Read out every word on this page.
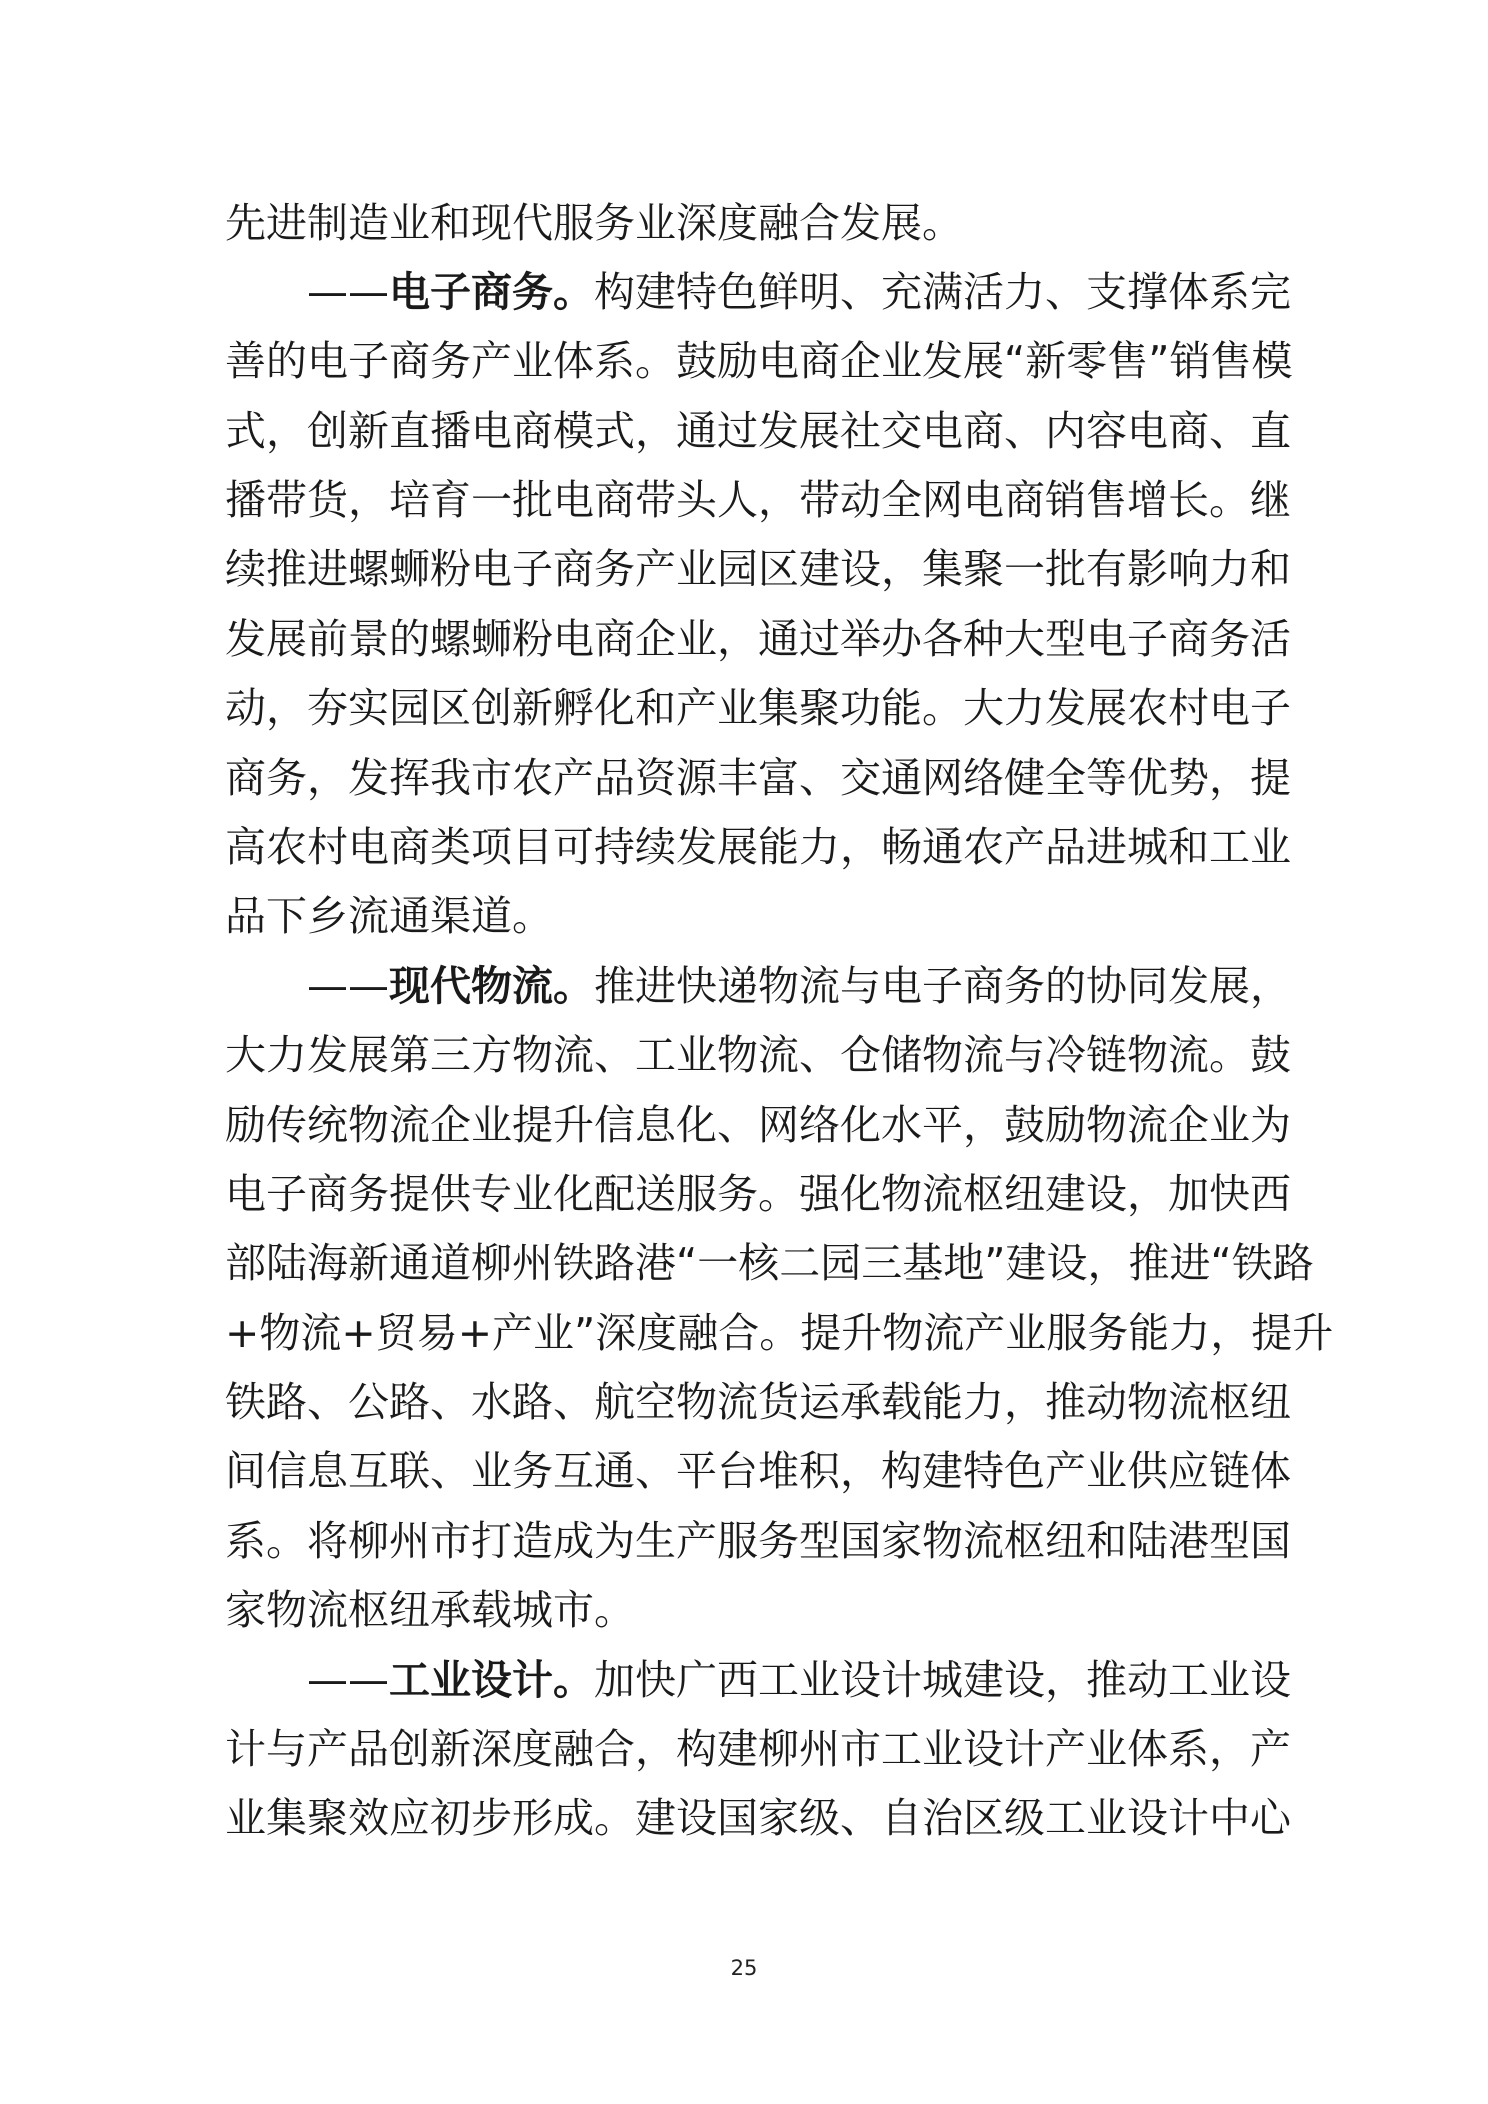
先进制造业和现代服务业深度融合发展。
　　——电子商务。构建特色鲜明、充满活力、支撑体系完
善的电子商务产业体系。鼓励电商企业发展“新零售”销售模
式，创新直播电商模式，通过发展社交电商、内容电商、直
播带货，培育一批电商带头人，带动全网电商销售增长。继
续推进螺蛳粉电子商务产业园区建设，集聚一批有影响力和
发展前景的螺蛳粉电商企业，通过举办各种大型电子商务活
动，夯实园区创新孵化和产业集聚功能。大力发展农村电子
商务，发挥我市农产品资源丰富、交通网络健全等优势，提
高农村电商类项目可持续发展能力，畅通农产品进城和工业
品下乡流通渠道。
　　——现代物流。推进快递物流与电子商务的协同发展，
大力发展第三方物流、工业物流、仓储物流与冷链物流。鼓
励传统物流企业提升信息化、网络化水平，鼓励物流企业为
电子商务提供专业化配送服务。强化物流枢纽建设，加快西
部陆海新通道柳州铁路港“一核二园三基地”建设，推进“铁路
+物流+贸易+产业”深度融合。提升物流产业服务能力，提升
铁路、公路、水路、航空物流货运承载能力，推动物流枢纽
间信息互联、业务互通、平台堆积，构建特色产业供应链体
系。将柳州市打造成为生产服务型国家物流枢纽和陆港型国
家物流枢纽承载城市。
　　——工业设计。加快广西工业设计城建设，推动工业设
计与产品创新深度融合，构建柳州市工业设计产业体系，产
业集聚效应初步形成。建设国家级、自治区级工业设计中心
25
